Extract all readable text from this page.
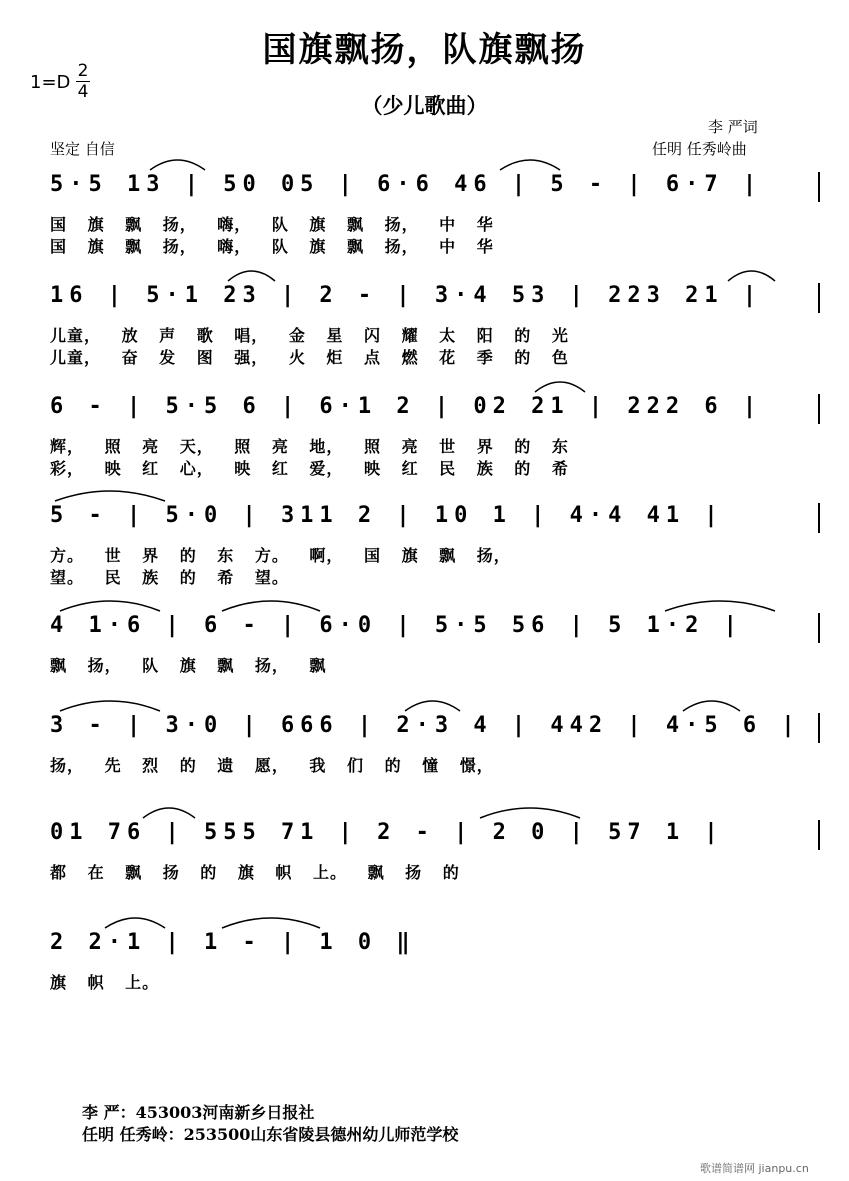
国旗飘扬，队旗飘扬
（少儿歌曲）
1=D
2
4
李 严词
任明 任秀岭曲
坚定 自信
5·5 13 | 50 05 | 6·6 46 | 5 - | 6·7 |
国 旗 飘 扬， 嗨， 队 旗 飘 扬， 中 华
国 旗 飘 扬， 嗨， 队 旗 飘 扬， 中 华
16 | 5·1 23 | 2 - | 3·4 53 | 223 21 |
儿童， 放 声 歌 唱， 金 星 闪 耀 太 阳 的 光
儿童， 奋 发 图 强， 火 炬 点 燃 花 季 的 色
6 - | 5·5 6 | 6·1 2 | 02 21 | 222 6 |
辉， 照 亮 天， 照 亮 地， 照 亮 世 界 的 东
彩， 映 红 心， 映 红 爱， 映 红 民 族 的 希
5 - | 5·0 | 311 2 | 10 1 | 4·4 41 |
方。 世 界 的 东 方。 啊， 国 旗 飘 扬，
望。 民 族 的 希 望。
4 1·6 | 6 - | 6·0 | 5·5 56 | 5 1·2 |
飘 扬， 队 旗 飘 扬， 飘
3 - | 3·0 | 666 | 2·3 4 | 442 | 4·5 6 |
扬， 先 烈 的 遗 愿， 我 们 的 憧 憬，
01 76 | 555 71 | 2 - | 2 0 | 57 1 |
都 在 飘 扬 的 旗 帜 上。 飘 扬 的
2 2·1 | 1 - | 1 0 ‖
旗 帜 上。
李 严：453003河南新乡日报社
任明 任秀岭：253500山东省陵县德州幼儿师范学校
歌谱简谱网 jianpu.cn
